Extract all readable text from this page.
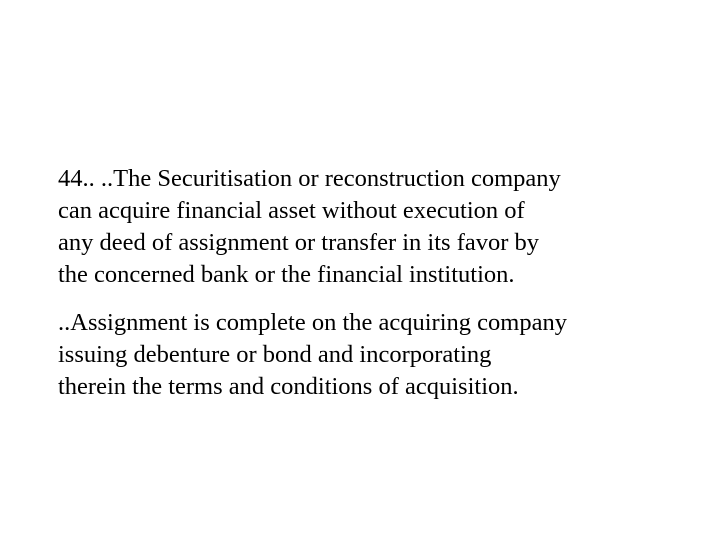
44.. ..The Securitisation or reconstruction company
can acquire financial asset without execution of
any deed of assignment or transfer in its favor by
the concerned bank or the financial institution.

..Assignment is complete on the acquiring company
issuing debenture or bond and incorporating
therein the terms and conditions of acquisition.
